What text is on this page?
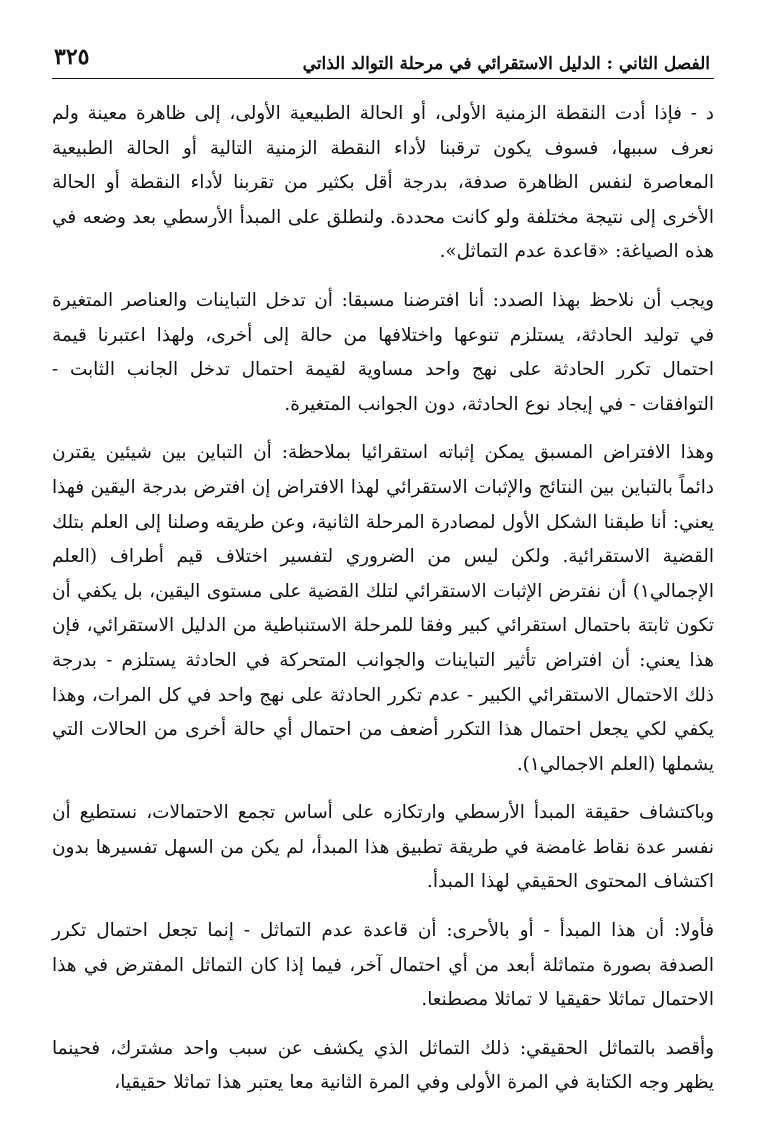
الفصل الثاني : الدليل الاستقرائي في مرحلة التوالد الذاتي
٣٢٥

د - فإذا أدت النقطة الزمنية الأولى، أو الحالة الطبيعية الأولى، إلى ظاهرة معينة ولم نعرف سببها، فسوف يكون ترقبنا لأداء النقطة الزمنية التالية أو الحالة الطبيعية المعاصرة لنفس الظاهرة صدفة، بدرجة أقل بكثير من تقربنا لأداء النقطة أو الحالة الأخرى إلى نتيجة مختلفة ولو كانت محددة. ولنطلق على المبدأ الأرسطي بعد وضعه في هذه الصياغة: «قاعدة عدم التماثل».

ويجب أن نلاحظ بهذا الصدد: أنا افترضنا مسبقا: أن تدخل التباينات والعناصر المتغيرة في توليد الحادثة، يستلزم تنوعها واختلافها من حالة إلى أخرى، ولهذا اعتبرنا قيمة احتمال تكرر الحادثة على نهج واحد مساوية لقيمة احتمال تدخل الجانب الثابت - التوافقات - في إيجاد نوع الحادثة، دون الجوانب المتغيرة.

وهذا الافتراض المسبق يمكن إثباته استقرائيا بملاحظة: أن التباين بين شيئين يقترن دائماً بالتباين بين النتائج والإثبات الاستقرائي لهذا الافتراض إن افترض بدرجة اليقين فهذا يعني: أنا طبقنا الشكل الأول لمصادرة المرحلة الثانية، وعن طريقه وصلنا إلى العلم بتلك القضية الاستقرائية. ولكن ليس من الضروري لتفسير اختلاف قيم أطراف (العلم الإجمالي١) أن نفترض الإثبات الاستقرائي لتلك القضية على مستوى اليقين، بل يكفي أن تكون ثابتة باحتمال استقرائي كبير وفقا للمرحلة الاستنباطية من الدليل الاستقرائي، فإن هذا يعني: أن افتراض تأثير التباينات والجوانب المتحركة في الحادثة يستلزم - بدرجة ذلك الاحتمال الاستقرائي الكبير - عدم تكرر الحادثة على نهج واحد في كل المرات، وهذا يكفي لكي يجعل احتمال هذا التكرر أضعف من احتمال أي حالة أخرى من الحالات التي يشملها (العلم الاجمالي١).

وباكتشاف حقيقة المبدأ الأرسطي وارتكازه على أساس تجمع الاحتمالات، نستطيع أن نفسر عدة نقاط غامضة في طريقة تطبيق هذا المبدأ، لم يكن من السهل تفسيرها بدون اكتشاف المحتوى الحقيقي لهذا المبدأ.

فأولا: أن هذا المبدأ - أو بالأحرى: أن قاعدة عدم التماثل - إنما تجعل احتمال تكرر الصدفة بصورة متماثلة أبعد من أي احتمال آخر، فيما إذا كان التماثل المفترض في هذا الاحتمال تماثلا حقيقيا لا تماثلا مصطنعا.

وأقصد بالتماثل الحقيقي: ذلك التماثل الذي يكشف عن سبب واحد مشترك، فحينما يظهر وجه الكتابة في المرة الأولى وفي المرة الثانية معا يعتبر هذا تماثلا حقيقيا،
